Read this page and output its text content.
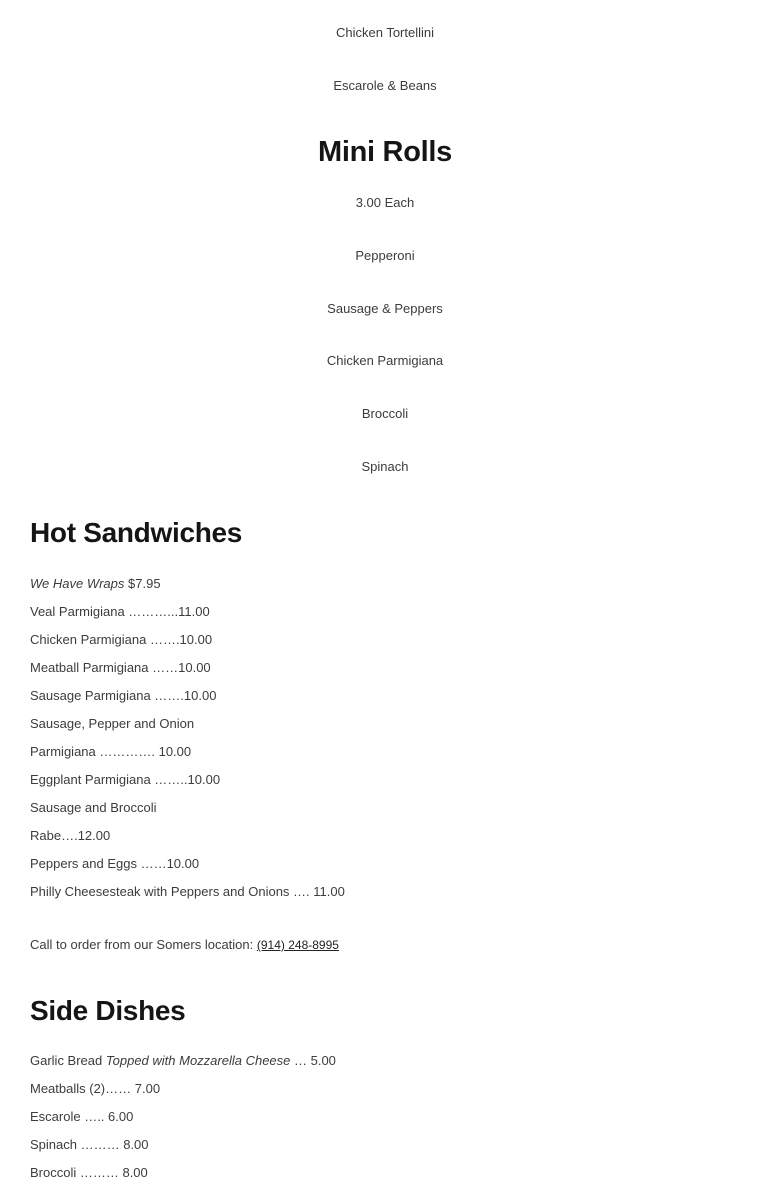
Chicken Tortellini
Escarole & Beans
Mini Rolls
3.00 Each
Pepperoni
Sausage & Peppers
Chicken Parmigiana
Broccoli
Spinach
Hot Sandwiches
We Have Wraps $7.95
Veal Parmigiana ………...11.00
Chicken Parmigiana …….10.00
Meatball Parmigiana ……10.00
Sausage Parmigiana …….10.00
Sausage, Pepper and Onion
Parmigiana …………. 10.00
Eggplant Parmigiana ……..10.00
Sausage and Broccoli
Rabe….12.00
Peppers and Eggs ……10.00
Philly Cheesesteak with Peppers and Onions …. 11.00
Call to order from our Somers location: (914) 248-8995
Side Dishes
Garlic Bread Topped with Mozzarella Cheese … 5.00
Meatballs (2)…… 7.00
Escarole ….. 6.00
Spinach ……… 8.00
Broccoli ……… 8.00
